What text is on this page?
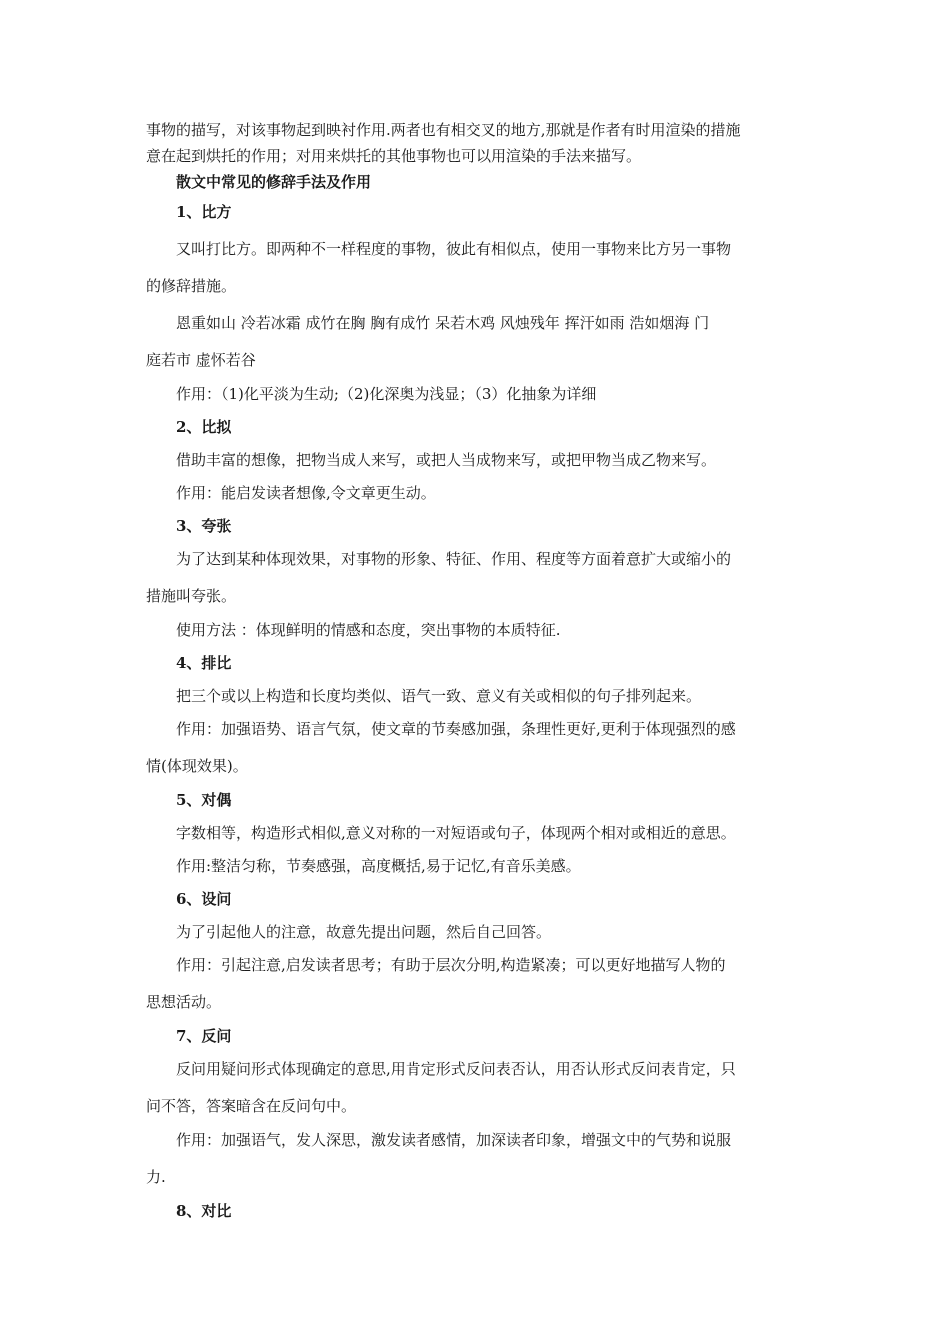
事物的描写，对该事物起到映衬作用.两者也有相交叉的地方,那就是作者有时用渲染的措施
意在起到烘托的作用；对用来烘托的其他事物也可以用渲染的手法来描写。
散文中常见的修辞手法及作用
1、比方
又叫打比方。即两种不一样程度的事物，彼此有相似点，使用一事物来比方另一事物
的修辞措施。
恩重如山 冷若冰霜 成竹在胸 胸有成竹 呆若木鸡 风烛残年 挥汗如雨 浩如烟海 门
庭若市 虚怀若谷
作用：（1)化平淡为生动;（2)化深奥为浅显；（3）化抽象为详细
2、比拟
借助丰富的想像，把物当成人来写，或把人当成物来写，或把甲物当成乙物来写。
作用：能启发读者想像,令文章更生动。
3、夸张
为了达到某种体现效果，对事物的形象、特征、作用、程度等方面着意扩大或缩小的
措施叫夸张。
使用方法 ：体现鲜明的情感和态度，突出事物的本质特征.
4、排比
把三个或以上构造和长度均类似、语气一致、意义有关或相似的句子排列起来。
作用：加强语势、语言气氛，使文章的节奏感加强，条理性更好,更利于体现强烈的感
情(体现效果)。
5、对偶
字数相等，构造形式相似,意义对称的一对短语或句子，体现两个相对或相近的意思。
作用:整洁匀称，节奏感强，高度概括,易于记忆,有音乐美感。
6、设问
为了引起他人的注意，故意先提出问题，然后自己回答。
作用：引起注意,启发读者思考；有助于层次分明,构造紧凑；可以更好地描写人物的
思想活动。
7、反问
反问用疑问形式体现确定的意思,用肯定形式反问表否认，用否认形式反问表肯定，只
问不答，答案暗含在反问句中。
作用：加强语气，发人深思，激发读者感情，加深读者印象，增强文中的气势和说服
力.
8、对比
